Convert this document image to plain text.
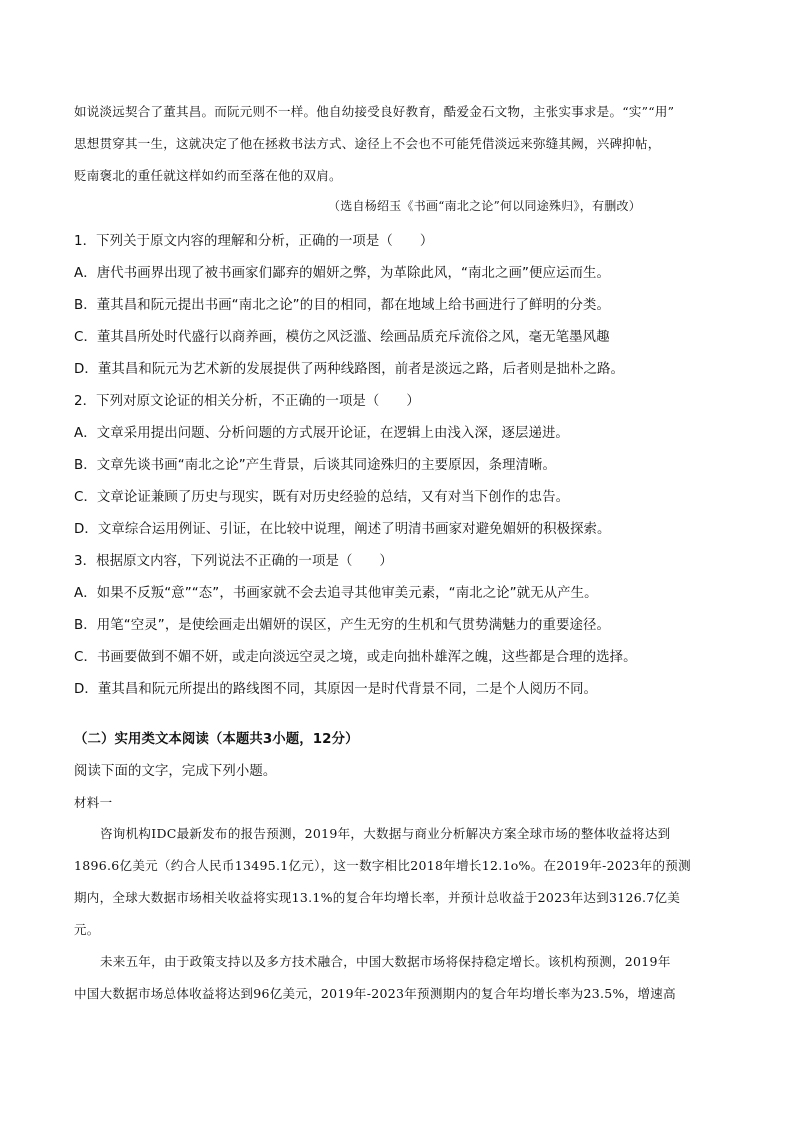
如说淡远契合了董其昌。而阮元则不一样。他自幼接受良好教育，酷爱金石文物，主张实事求是。“实”“用”
思想贯穿其一生，这就决定了他在拯救书法方式、途径上不会也不可能凭借淡远来弥缝其阙，兴碑抑帖，
贬南褒北的重任就这样如约而至落在他的双肩。
（选自杨绍玉《书画“南北之论”何以同途殊归》，有删改）
1．下列关于原文内容的理解和分析，正确的一项是（　　）
A．唐代书画界出现了被书画家们鄙弃的媚妍之弊，为革除此风，“南北之画”便应运而生。
B．董其昌和阮元提出书画“南北之论”的目的相同，都在地域上给书画进行了鲜明的分类。
C．董其昌所处时代盛行以商养画，模仿之风泛滥、绘画品质充斥流俗之风，毫无笔墨风趣
D．董其昌和阮元为艺术新的发展提供了两种线路图，前者是淡远之路，后者则是拙朴之路。
2．下列对原文论证的相关分析，不正确的一项是（　　）
A．文章采用提出问题、分析问题的方式展开论证，在逻辑上由浅入深，逐层递进。
B．文章先谈书画“南北之论”产生背景，后谈其同途殊归的主要原因，条理清晰。
C．文章论证兼顾了历史与现实，既有对历史经验的总结，又有对当下创作的忠告。
D．文章综合运用例证、引证，在比较中说理，阐述了明清书画家对避免媚妍的积极探索。
3．根据原文内容，下列说法不正确的一项是（　　）
A．如果不反叛“意”“态”，书画家就不会去追寻其他审美元素，“南北之论”就无从产生。
B．用笔“空灵”，是使绘画走出媚妍的误区，产生无穷的生机和气贯势满魅力的重要途径。
C．书画要做到不媚不妍，或走向淡远空灵之境，或走向拙朴雄浑之魄，这些都是合理的选择。
D．董其昌和阮元所提出的路线图不同，其原因一是时代背景不同，二是个人阅历不同。
（二）实用类文本阅读（本题共3小题，12分）
阅读下面的文字，完成下列小题。
材料一
咨询机构IDC最新发布的报告预测，2019年，大数据与商业分析解决方案全球市场的整体收益将达到
1896.6亿美元（约合人民币13495.1亿元），这一数字相比2018年增长12.1o%。在2019年-2023年的预测
期内，全球大数据市场相关收益将实现13.1%的复合年均增长率，并预计总收益于2023年达到3126.7亿美
元。
未来五年，由于政策支持以及多方技术融合，中国大数据市场将保持稳定增长。该机构预测，2019年
中国大数据市场总体收益将达到96亿美元，2019年-2023年预测期内的复合年均增长率为23.5%，增速高
